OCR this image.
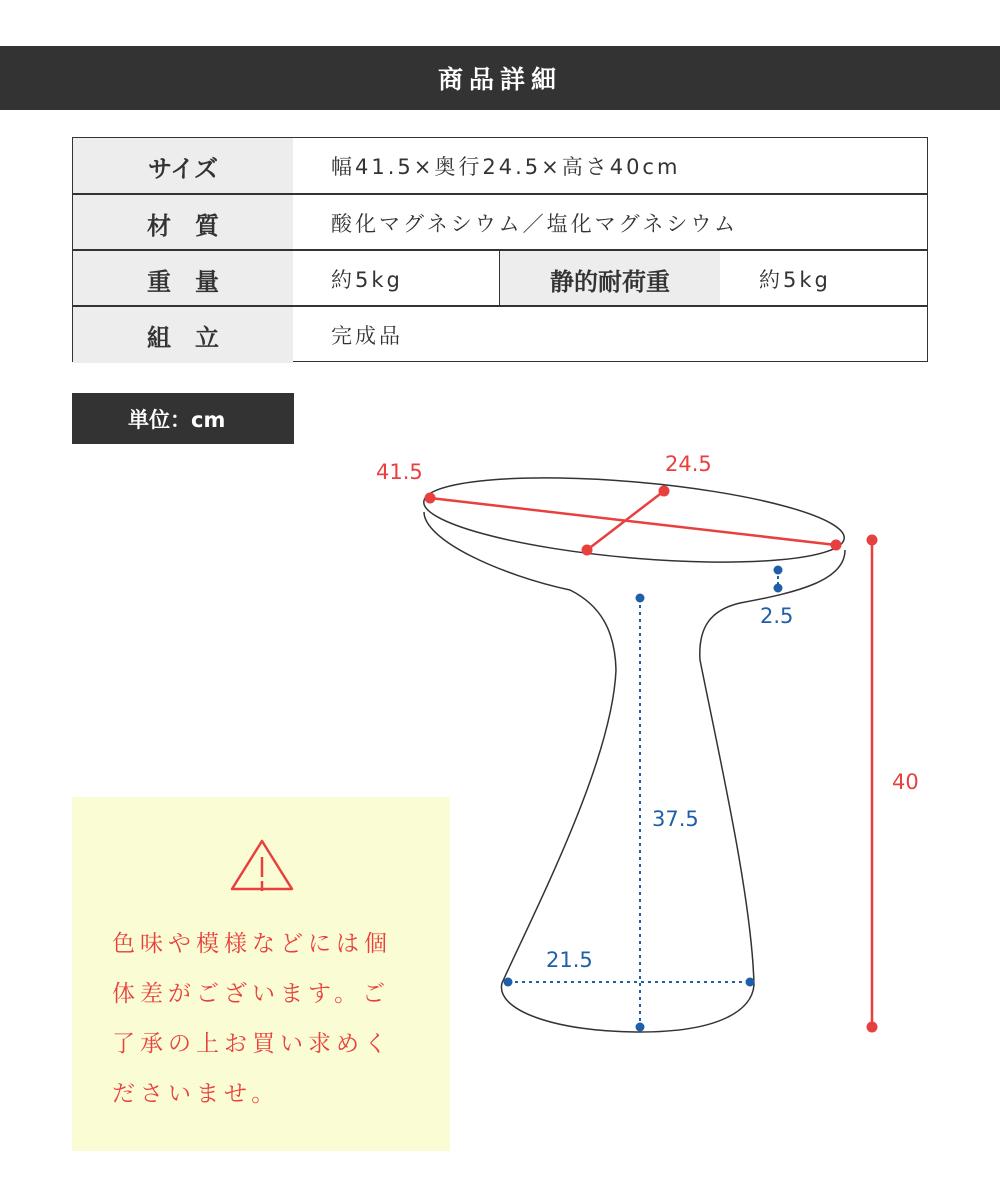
商品詳細
サイズ	幅41.5×奥行24.5×高さ40cm
材　質	酸化マグネシウム／塩化マグネシウム
重　量	約5kg	静的耐荷重	約5kg
組　立	完成品
単位：cm
41.5	24.5
40
2.5
37.5
21.5
色味や模様などには個
体差がございます。ご
了承の上お買い求めく
ださいませ。
